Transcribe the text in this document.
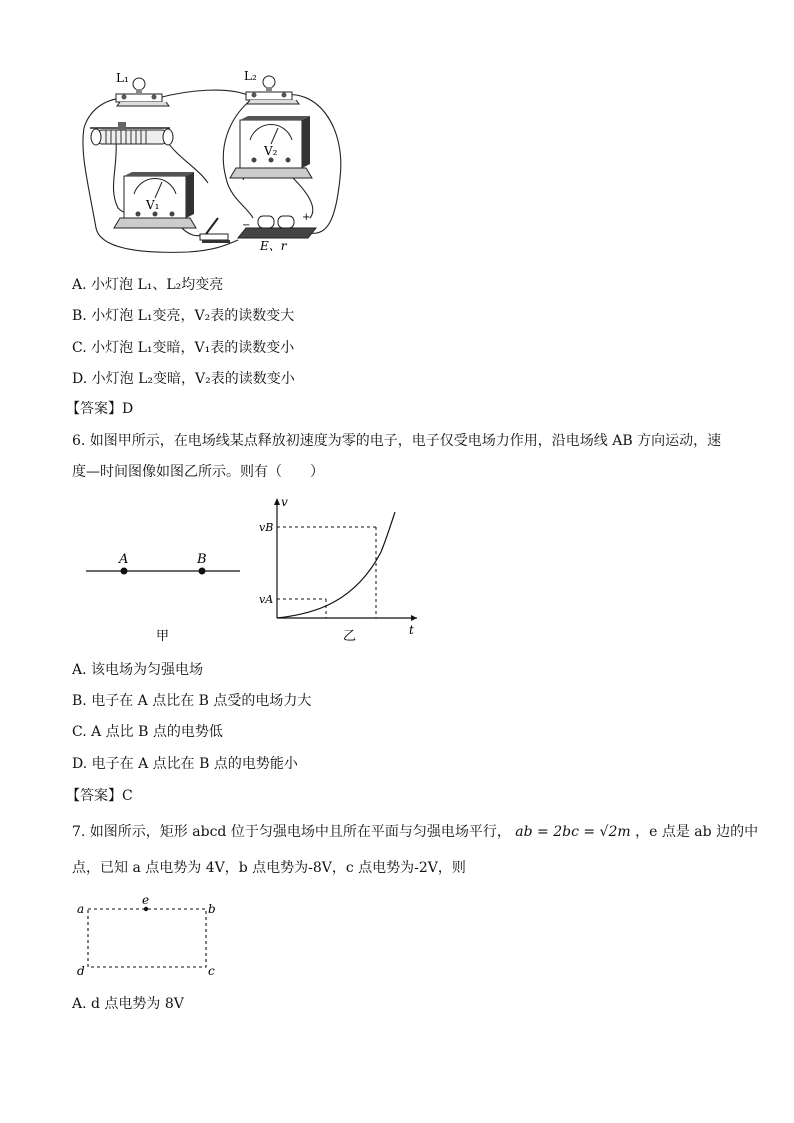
L₁	L₂
V₂
V₁
−
+
E、r
A. 小灯泡 L₁、L₂均变亮
B. 小灯泡 L₁变亮，V₂表的读数变大
C. 小灯泡 L₁变暗，V₁表的读数变小
D. 小灯泡 L₂变暗，V₂表的读数变小
【答案】D
6. 如图甲所示，在电场线某点释放初速度为零的电子，电子仅受电场力作用，沿电场线 AB 方向运动，速度—时间图像如图乙所示。则有（　　）
A	B
甲
v
t
vB
vA
乙
A. 该电场为匀强电场
B. 电子在 A 点比在 B 点受的电场力大
C. A 点比 B 点的电势低
D. 电子在 A 点比在 B 点的电势能小
【答案】C
7. 如图所示，矩形 abcd 位于匀强电场中且所在平面与匀强电场平行， ab = 2bc = √2m ，e 点是 ab 边的中
点，已知 a 点电势为 4V，b 点电势为-8V，c 点电势为-2V，则
a	b
c
d
e
A. d 点电势为 8V
